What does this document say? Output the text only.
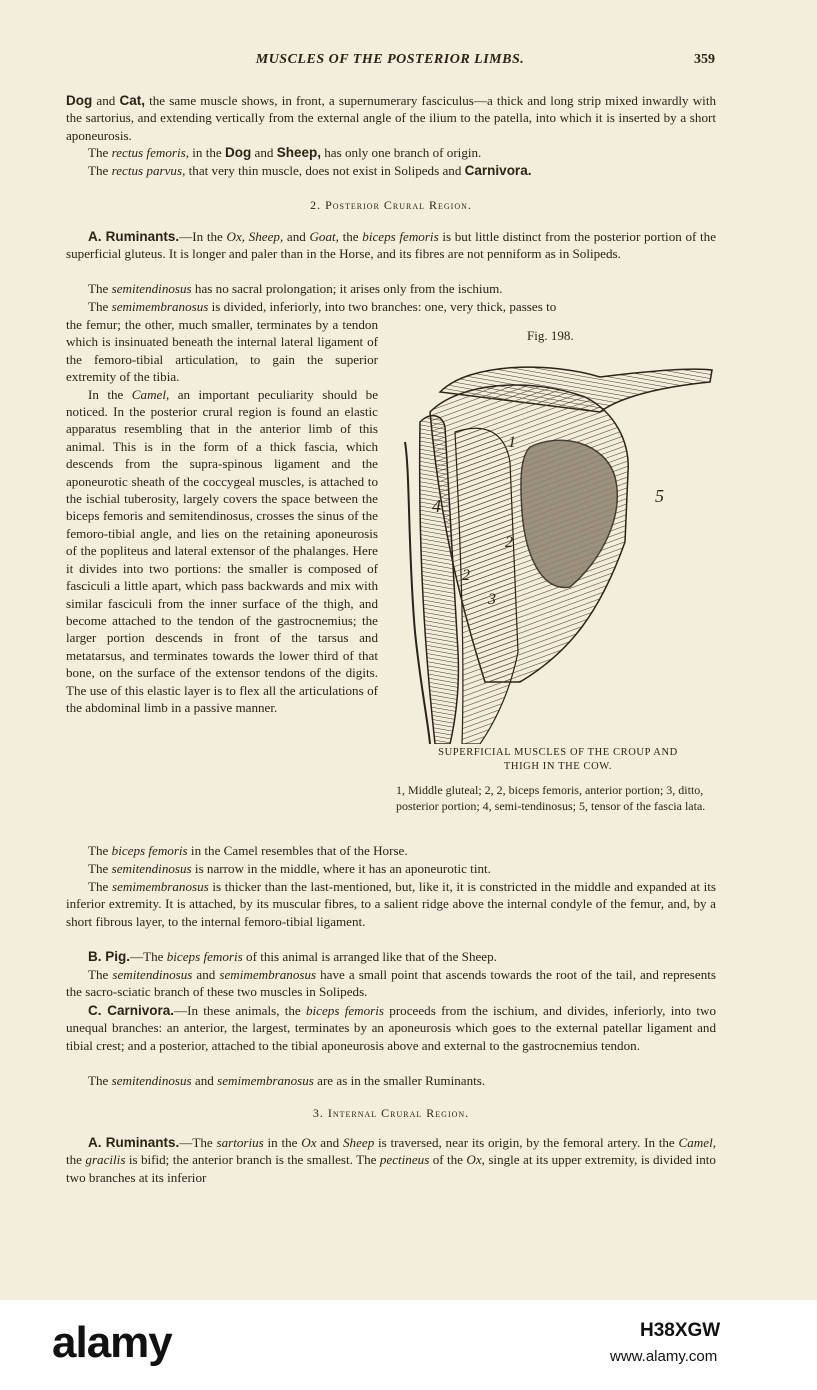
MUSCLES OF THE POSTERIOR LIMBS.	359

Dog and Cat, the same muscle shows, in front, a supernumerary fasciculus—a thick and long strip mixed inwardly with the sartorius, and extending vertically from the external angle of the ilium to the patella, into which it is inserted by a short aponeurosis.

The rectus femoris, in the Dog and Sheep, has only one branch of origin.

The rectus parvus, that very thin muscle, does not exist in Solipeds and Carnivora.

2. Posterior Crural Region.

A. Ruminants.—In the Ox, Sheep, and Goat, the biceps femoris is but little distinct from the posterior portion of the superficial gluteus. It is longer and paler than in the Horse, and its fibres are not penniform as in Solipeds.

The semitendinosus has no sacral prolongation; it arises only from the ischium.

The semimembranosus is divided, inferiorly, into two branches: one, very thick, passes to

the femur; the other, much smaller, terminates by a tendon which is insinuated beneath the internal lateral ligament of the femoro-tibial articulation, to gain the superior extremity of the tibia.
In the Camel, an important peculiarity should be noticed. In the posterior crural region is found an elastic apparatus resembling that in the anterior limb of this animal. This is in the form of a thick fascia, which descends from the supra-spinous ligament and the aponeurotic sheath of the coccygeal muscles, is attached to the ischial tuberosity, largely covers the space between the biceps femoris and semitendinosus, crosses the sinus of the femoro-tibial angle, and lies on the retaining aponeurosis of the popliteus and lateral extensor of the phalanges. Here it divides into two portions: the smaller is composed of fasciculi a little apart, which pass backwards and mix with similar fasciculi from the inner surface of the thigh, and become attached to the tendon of the gastrocnemius; the larger portion descends in front of the tarsus and metatarsus, and terminates towards the lower third of that bone, on the surface of the extensor tendons of the digits. The use of this elastic layer is to flex all the articulations of the abdominal limb in a passive manner.
Fig. 198.
1
2
2
3
4	5
SUPERFICIAL MUSCLES OF THE CROUP AND
THIGH IN THE COW.
1, Middle gluteal; 2, 2, biceps femoris, anterior portion; 3, ditto, posterior portion; 4, semi-tendinosus; 5, tensor of the fascia lata.

The biceps femoris in the Camel resembles that of the Horse.

The semitendinosus is narrow in the middle, where it has an aponeurotic tint.

The semimembranosus is thicker than the last-mentioned, but, like it, it is constricted in the middle and expanded at its inferior extremity. It is attached, by its muscular fibres, to a salient ridge above the internal condyle of the femur, and, by a short fibrous layer, to the internal femoro-tibial ligament.

B. Pig.—The biceps femoris of this animal is arranged like that of the Sheep.

The semitendinosus and semimembranosus have a small point that ascends towards the root of the tail, and represents the sacro-sciatic branch of these two muscles in Solipeds.

C. Carnivora.—In these animals, the biceps femoris proceeds from the ischium, and divides, inferiorly, into two unequal branches: an anterior, the largest, terminates by an aponeurosis which goes to the external patellar ligament and tibial crest; and a posterior, attached to the tibial aponeurosis above and external to the gastrocnemius tendon.

The semitendinosus and semimembranosus are as in the smaller Ruminants.

3. Internal Crural Region.

A. Ruminants.—The sartorius in the Ox and Sheep is traversed, near its origin, by the femoral artery. In the Camel, the gracilis is bifid; the anterior branch is the smallest. The pectineus of the Ox, single at its upper extremity, is divided into two branches at its inferior

alamy	H38XGW
www.alamy.com
